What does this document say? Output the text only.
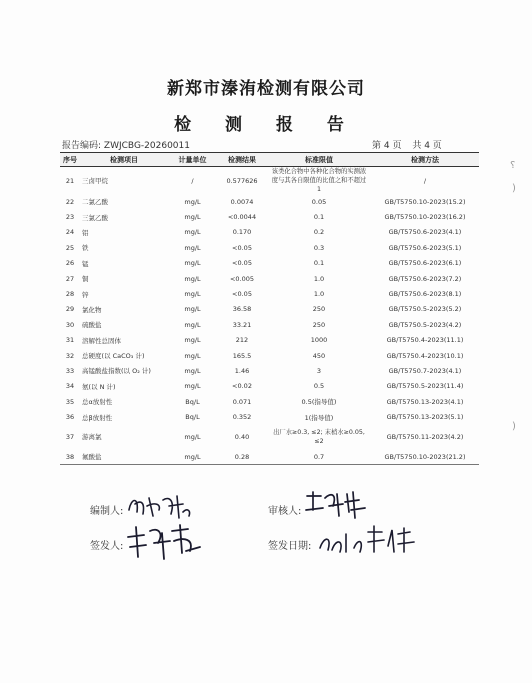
新郑市溱洧检测有限公司
检 测 报 告
报告编码: ZWJCBG-20260011	第 4 页 共 4 页
序号	检测项目	计量单位	检测结果	标准限值	检测方法
21	三卤甲烷	/	0.577626	该类化合物中各种化合物的实测浓度与其各自限值的比值之和不超过 1	/
22	二氯乙酸	mg/L	0.0074	0.05	GB/T5750.10-2023(15.2)
23	三氯乙酸	mg/L	<0.0044	0.1	GB/T5750.10-2023(16.2)
24	铝	mg/L	0.170	0.2	GB/T5750.6-2023(4.1)
25	铁	mg/L	<0.05	0.3	GB/T5750.6-2023(5.1)
26	锰	mg/L	<0.05	0.1	GB/T5750.6-2023(6.1)
27	铜	mg/L	<0.005	1.0	GB/T5750.6-2023(7.2)
28	锌	mg/L	<0.05	1.0	GB/T5750.6-2023(8.1)
29	氯化物	mg/L	36.58	250	GB/T5750.5-2023(5.2)
30	硫酸盐	mg/L	33.21	250	GB/T5750.5-2023(4.2)
31	溶解性总固体	mg/L	212	1000	GB/T5750.4-2023(11.1)
32	总硬度(以 CaCO₃ 计)	mg/L	165.5	450	GB/T5750.4-2023(10.1)
33	高锰酸盐指数(以 O₂ 计)	mg/L	1.46	3	GB/T5750.7-2023(4.1)
34	氨(以 N 计)	mg/L	<0.02	0.5	GB/T5750.5-2023(11.4)
35	总α放射性	Bq/L	0.071	0.5(指导值)	GB/T5750.13-2023(4.1)
36	总β放射性	Bq/L	0.352	1(指导值)	GB/T5750.13-2023(5.1)
37	游离氯	mg/L	0.40	出厂水≥0.3, ≤2; 末梢水≥0.05, ≤2	GB/T5750.11-2023(4.2)
38	氟酸盐	mg/L	0.28	0.7	GB/T5750.10-2023(21.2)
编制人:	审核人:
签发人:	签发日期:
⸮
)
)
